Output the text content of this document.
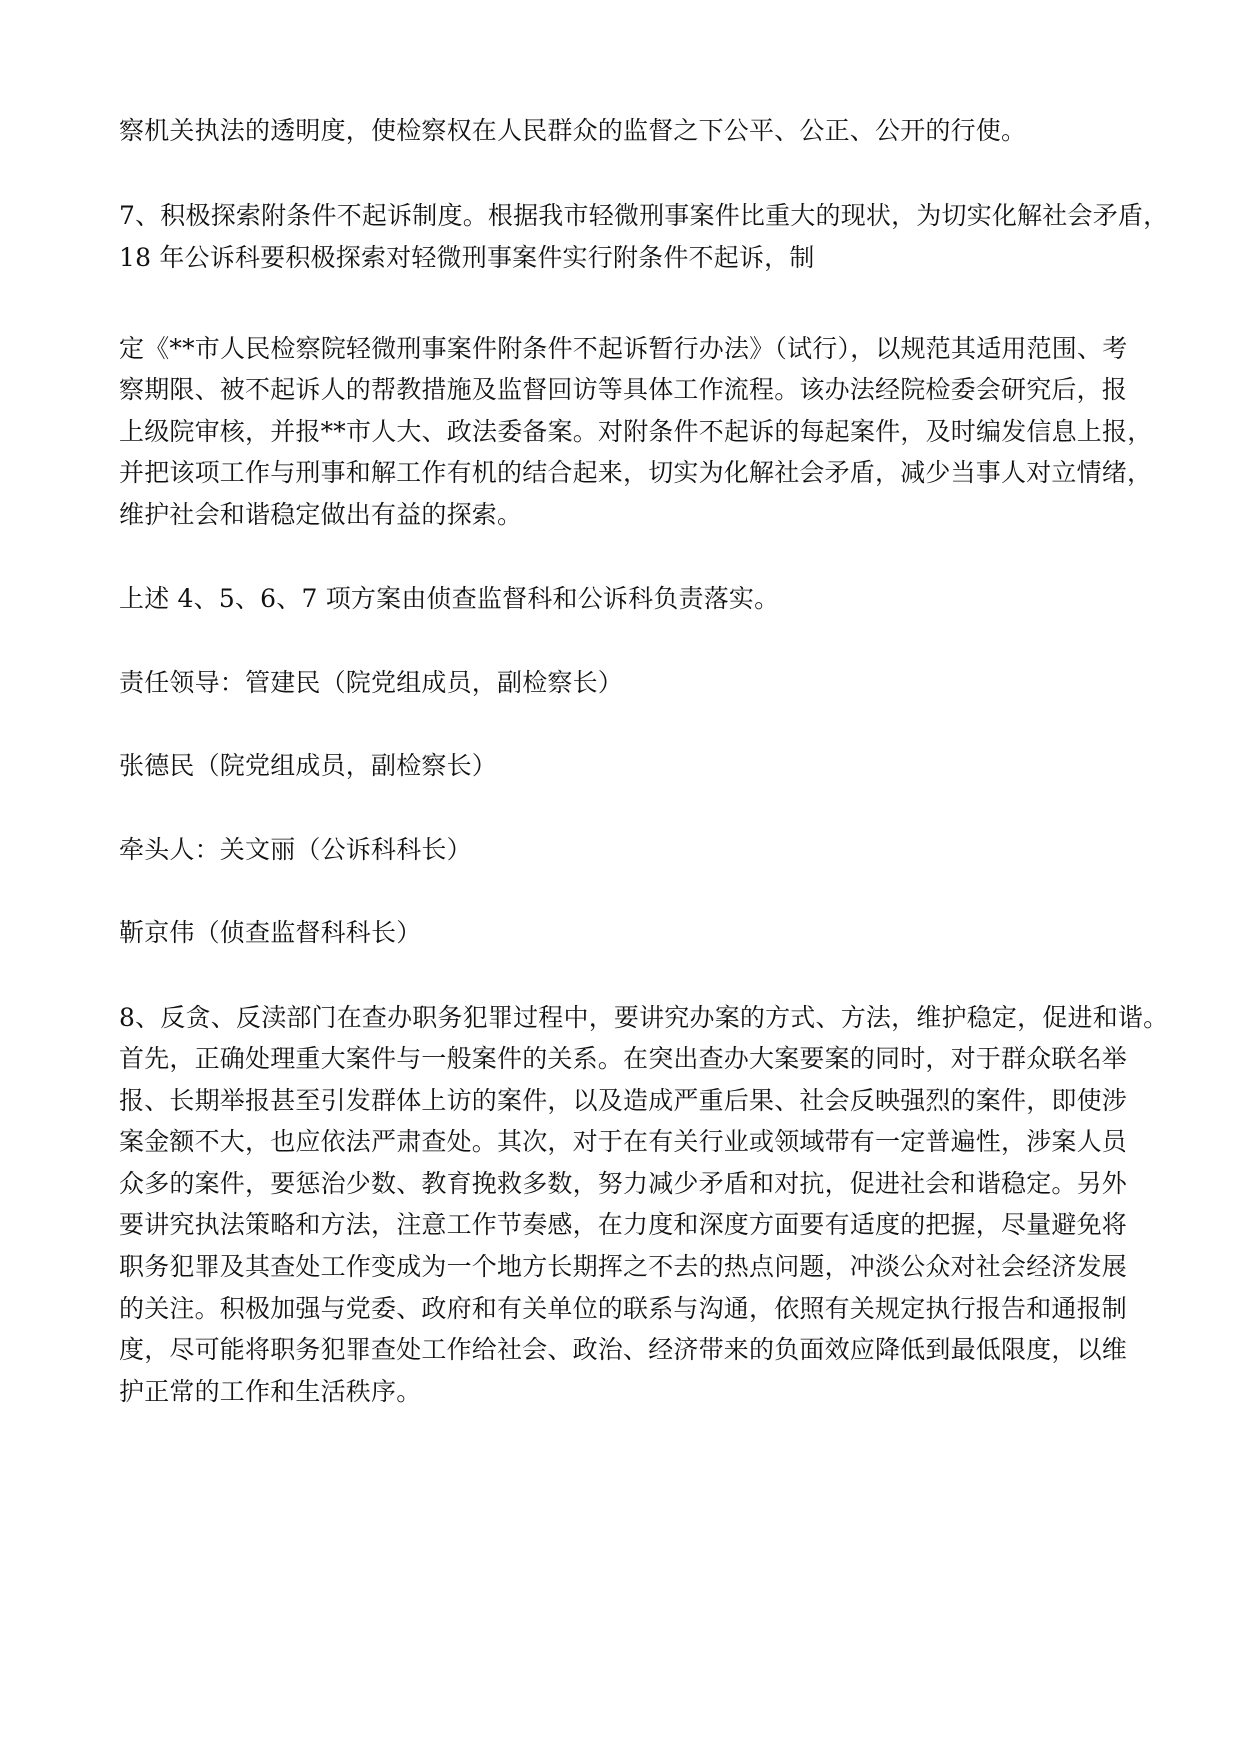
察机关执法的透明度，使检察权在人民群众的监督之下公平、公正、公开的行使。
7、积极探索附条件不起诉制度。根据我市轻微刑事案件比重大的现状，为切实化解社会矛盾，
18 年公诉科要积极探索对轻微刑事案件实行附条件不起诉，制
定《**市人民检察院轻微刑事案件附条件不起诉暂行办法》（试行），以规范其适用范围、考
察期限、被不起诉人的帮教措施及监督回访等具体工作流程。该办法经院检委会研究后，报
上级院审核，并报**市人大、政法委备案。对附条件不起诉的每起案件，及时编发信息上报，
并把该项工作与刑事和解工作有机的结合起来，切实为化解社会矛盾，减少当事人对立情绪，
维护社会和谐稳定做出有益的探索。
上述 4、5、6、7 项方案由侦查监督科和公诉科负责落实。
责任领导：管建民（院党组成员，副检察长）
张德民（院党组成员，副检察长）
牵头人：关文丽（公诉科科长）
靳京伟（侦查监督科科长）
8、反贪、反渎部门在查办职务犯罪过程中，要讲究办案的方式、方法，维护稳定，促进和谐。
首先，正确处理重大案件与一般案件的关系。在突出查办大案要案的同时，对于群众联名举
报、长期举报甚至引发群体上访的案件，以及造成严重后果、社会反映强烈的案件，即使涉
案金额不大，也应依法严肃查处。其次，对于在有关行业或领域带有一定普遍性，涉案人员
众多的案件，要惩治少数、教育挽救多数，努力减少矛盾和对抗，促进社会和谐稳定。另外
要讲究执法策略和方法，注意工作节奏感，在力度和深度方面要有适度的把握，尽量避免将
职务犯罪及其查处工作变成为一个地方长期挥之不去的热点问题，冲淡公众对社会经济发展
的关注。积极加强与党委、政府和有关单位的联系与沟通，依照有关规定执行报告和通报制
度，尽可能将职务犯罪查处工作给社会、政治、经济带来的负面效应降低到最低限度，以维
护正常的工作和生活秩序。
